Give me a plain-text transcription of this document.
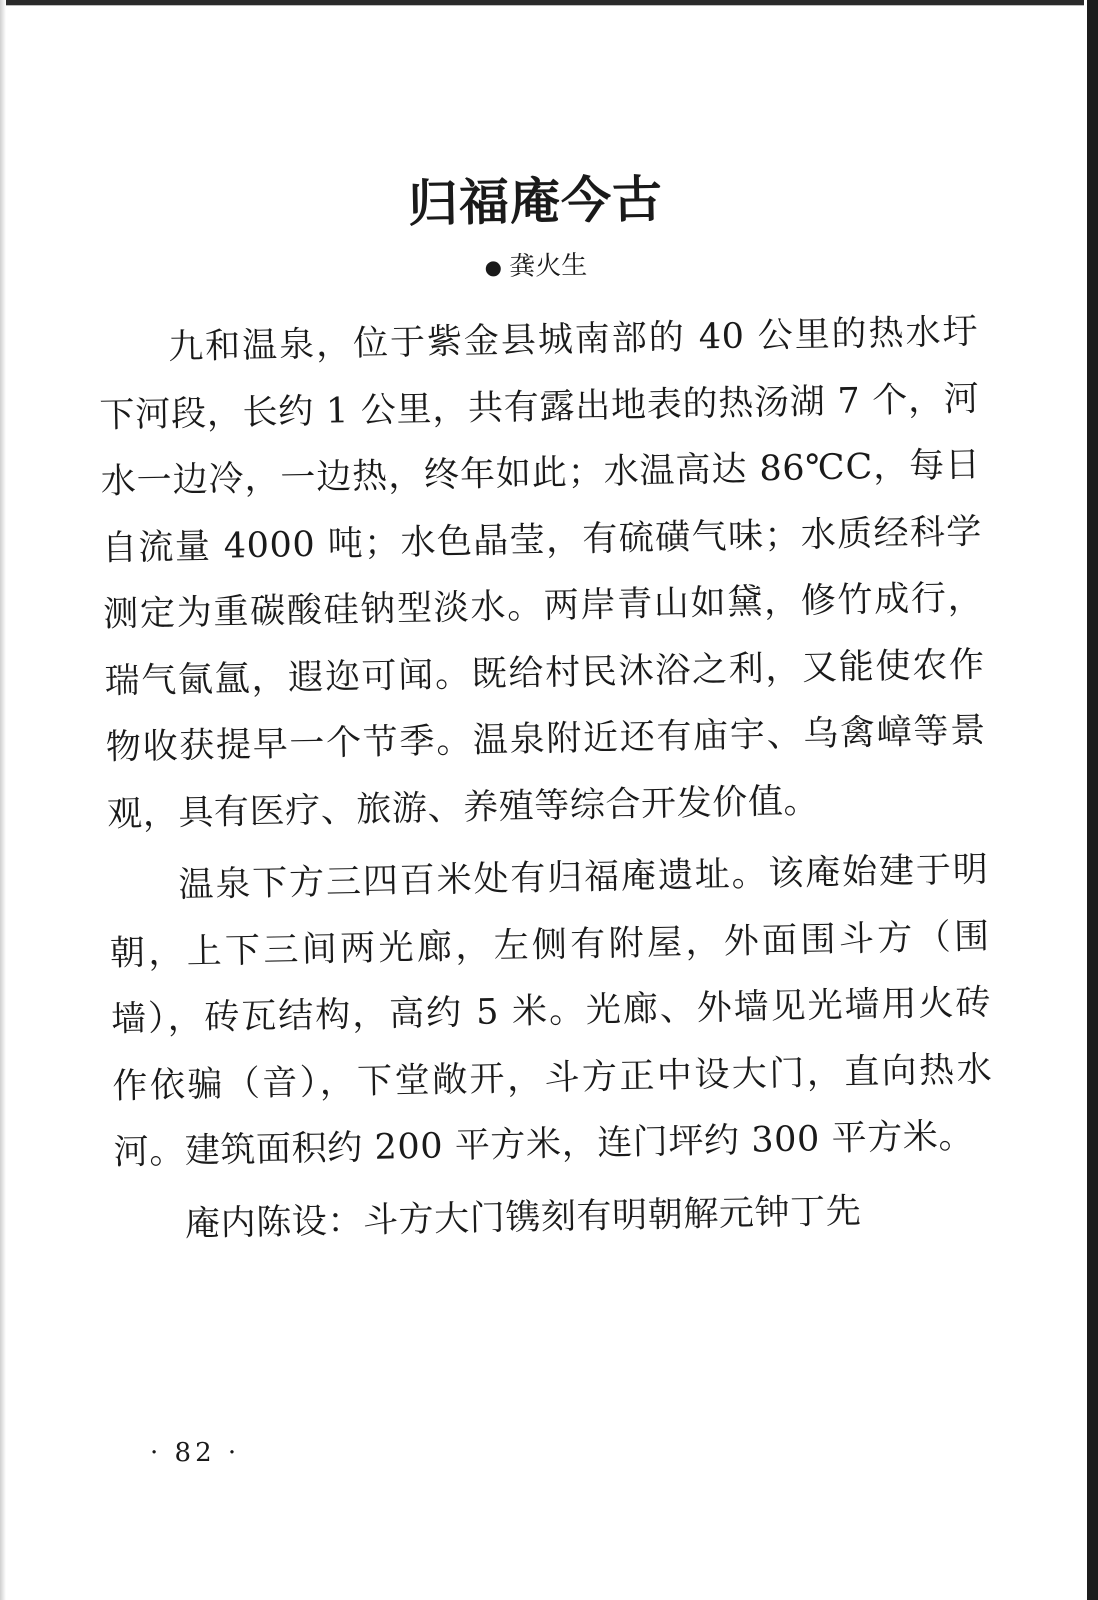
归福庵今古
龚火生

九和温泉，位于紫金县城南部的 40 公里的热水圩下河段，长约 1 公里，共有露出地表的热汤湖 7 个，河水一边冷，一边热，终年如此；水温高达 86℃C，每日自流量 4000 吨；水色晶莹，有硫磺气味；水质经科学测定为重碳酸硅钠型淡水。两岸青山如黛，修竹成行，瑞气氤氲，遐迩可闻。既给村民沐浴之利，又能使农作物收获提早一个节季。温泉附近还有庙宇、乌禽嶂等景观，具有医疗、旅游、养殖等综合开发价值。

温泉下方三四百米处有归福庵遗址。该庵始建于明朝，上下三间两光廊，左侧有附屋，外面围斗方（围墙），砖瓦结构，高约 5 米。光廊、外墙见光墙用火砖作依骗（音），下堂敞开，斗方正中设大门，直向热水河。建筑面积约 200 平方米，连门坪约 300 平方米。

庵内陈设：斗方大门镌刻有明朝解元钟丁先

· 82 ·
